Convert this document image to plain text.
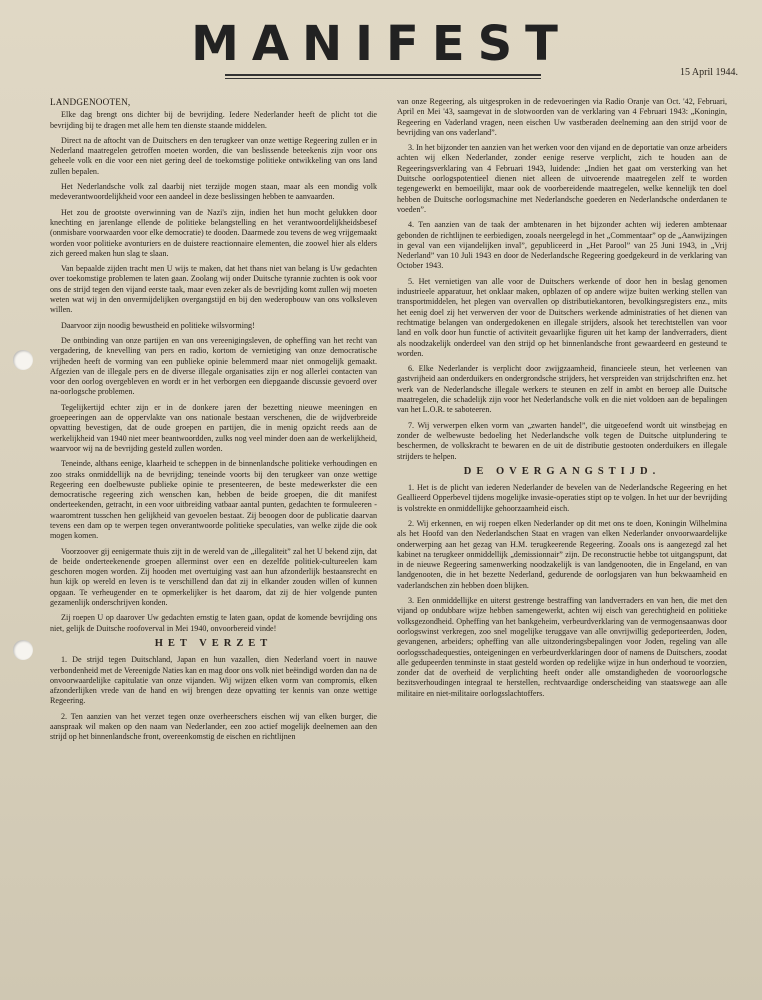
MANIFEST
15 April 1944.
LANDGENOOTEN,

Elke dag brengt ons dichter bij de bevrijding. Iedere Nederlander heeft de plicht tot die bevrijding bij te dragen met alle hem ten dienste staande middelen.

Direct na de aftocht van de Duitschers en den terugkeer van onze wettige Regeering zullen er in Nederland maatregelen getroffen moeten worden, die van beslissende beteekenis zijn voor ons geheele volk en die voor een niet gering deel de toekomstige politieke ontwikkeling van ons land zullen bepalen.

Het Nederlandsche volk zal daarbij niet terzijde mogen staan, maar als een mondig volk medeverantwoordelijkheid voor een aandeel in deze beslissingen hebben te aanvaarden.

Het zou de grootste overwinning van de Nazi's zijn, indien het hun mocht gelukken door knechting en jarenlange ellende de politieke belangstelling en het verantwoordelijkheidsbesef (onmisbare voorwaarden voor elke democratie) te dooden. Daarmede zou tevens de weg vrijgemaakt worden voor politieke avonturiers en de duistere reactionnaire elementen, die zoowel hier als elders zich gereed maken hun slag te slaan.

Van bepaalde zijden tracht men U wijs te maken, dat het thans niet van belang is Uw gedachten over toekomstige problemen te laten gaan. Zoolang wij onder Duitsche tyrannie zuchten is ook voor ons de strijd tegen den vijand eerste taak, maar even zeker als de bevrijding komt zullen wij moeten weten wat wij in den onvermijdelijken overgangstijd en bij den wederopbouw van ons volksleven willen.

Daarvoor zijn noodig bewustheid en politieke wilsvorming!

De ontbinding van onze partijen en van ons vereenigingsleven, de opheffing van het recht van vergadering, de knevelling van pers en radio, kortom de vernietiging van onze democratische vrijheden heeft de vorming van een publieke opinie belemmerd maar niet onmogelijk gemaakt. Afgezien van de illegale pers en de diverse illegale organisaties zijn er nog allerlei contacten van voor den oorlog overgebleven en wordt er in het verborgen een diepgaande discussie gevoerd over na-oorlogsche problemen.

Tegelijkertijd echter zijn er in de donkere jaren der bezetting nieuwe meeningen en groepeeringen aan de oppervlakte van ons nationale bestaan verschenen, die de wijdverbreide opvatting bevestigen, dat de oude groepen en partijen, die in menig opzicht reeds aan de werkelijkheid van 1940 niet meer beantwoordden, zulks nog veel minder doen aan de werkelijkheid, waarvoor wij na de bevrijding gesteld zullen worden.

Teneinde, althans eenige, klaarheid te scheppen in de binnenlandsche politieke verhoudingen en zoo straks onmiddellijk na de bevrijding; teneinde voorts bij den terugkeer van onze wettige Regeering een doelbewuste publieke opinie te presenteeren, de beste medewerkster die een democratische regeering zich wenschen kan, hebben de beide groepen, die dit manifest onderteekenden, getracht, in een voor uitbreiding vatbaar aantal punten, gedachten te formuleeren - waaromtrent tusschen hen gelijkheid van gevoelen bestaat. Zij beoogen door de publicatie daarvan tevens een dam op te werpen tegen onverantwoorde politieke speculaties, van welke zijde die ook mogen komen.

Voorzoover gij eenigermate thuis zijt in de wereld van de „illegaliteit” zal het U bekend zijn, dat de beide onderteekenende groepen allerminst over een en dezelfde politiek-cultureelen kam geschoren mogen worden. Zij hooden met overtuiging vast aan hun afzonderlijk bestaansrecht en hun kijk op wereld en leven is te verschillend dan dat zij in elkander zouden willen of kunnen opgaan. Te verheugender en te opmerkelijker is het daarom, dat zij de hier volgende punten gezamenlijk onderschrijven konden.

Zij roepen U op daarover Uw gedachten ernstig te laten gaan, opdat de komende bevrijding ons niet, gelijk de Duitsche roofoverval in Mei 1940, onvoorbereid vinde!

HET VERZET

1. De strijd tegen Duitschland, Japan en hun vazallen, dien Nederland voert in nauwe verbondenheid met de Vereenigde Naties kan en mag door ons volk niet beëindigd worden dan na de onvoorwaardelijke capitulatie van onze vijanden. Wij wijzen elken vorm van compromis, elken afzonderlijken vrede van de hand en wij brengen deze opvatting ter kennis van onze wettige Regeering.

2. Ten aanzien van het verzet tegen onze overheerschers eischen wij van elken burger, die aanspraak wil maken op den naam van Nederlander, een zoo actief mogelijk deelnemen aan den strijd op het binnenlandsche front, overeenkomstig de eischen en richtlijnen

van onze Regeering, als uitgesproken in de redevoeringen via Radio Oranje van Oct. '42, Februari, April en Mei '43, saamgevat in de slotwoorden van de verklaring van 4 Februari 1943: „Koningin, Regeering en Vaderland vragen, neen eischen Uw vastberaden deelneming aan den strijd voor de bevrijding van ons vaderland”.

3. In het bijzonder ten aanzien van het werken voor den vijand en de deportatie van onze arbeiders achten wij elken Nederlander, zonder eenige reserve verplicht, zich te houden aan de Regeeringsverklaring van 4 Februari 1943, luidende: „Indien het gaat om versterking van het Duitsche oorlogspotentieel dienen niet alleen de uitvoerende maatregelen zelf te worden tegengewerkt en bemoeilijkt, maar ook de voorbereidende maatregelen, welke kennelijk ten doel hebben de Duitsche oorlogsmachine met Nederlandsche goederen en Nederlandsche onderdanen te voeden”.

4. Ten aanzien van de taak der ambtenaren in het bijzonder achten wij iederen ambtenaar gebonden de richtlijnen te eerbiedigen, zooals neergelegd in het „Commentaar” op de „Aanwijzingen in geval van een vijandelijken inval”, gepubliceerd in „Het Parool” van 25 Juni 1943, in „Vrij Nederland” van 10 Juli 1943 en door de Nederlandsche Regeering goedgekeurd in de verklaring van October 1943.

5. Het vernietigen van alle voor de Duitschers werkende of door hen in beslag genomen industrieele apparatuur, het onklaar maken, opblazen of op andere wijze buiten werking stellen van transportmiddelen, het plegen van overvallen op distributiekantoren, bevolkingsregisters enz., mits het eenig doel zij het verwerven der voor de Duitschers werkende administraties of het dienen van rechtmatige belangen van ondergedokenen en illegale strijders, alsook het terechtstellen van voor land en volk door hun functie of activiteit gevaarlijke figuren uit het kamp der landverraders, dient als noodzakelijk onderdeel van den strijd op het binnenlandsche front gewaardeerd en gesteund te worden.

6. Elke Nederlander is verplicht door zwijgzaamheid, financieele steun, het verleenen van gastvrijheid aan onderduikers en ondergrondsche strijders, het verspreiden van strijdschriften enz. het werk van de Nederlandsche illegale werkers te steunen en zelf in ambt en beroep alle Duitsche maatregelen, die schadelijk zijn voor het Nederlandsche volk en die niet voldoen aan de bepalingen van het L.O.R. te saboteeren.

7. Wij verwerpen elken vorm van „zwarten handel”, die uitgeoefend wordt uit winstbejag en zonder de welbewuste bedoeling het Nederlandsche volk tegen de Duitsche uitplundering te beschermen, de volkskracht te bewaren en de uit de distributie gestooten onderduikers en illegale strijders te helpen.

DE OVERGANGSTIJD.

1. Het is de plicht van iederen Nederlander de bevelen van de Nederlandsche Regeering en het Geallieerd Opperbevel tijdens mogelijke invasie-operaties stipt op te volgen. In het uur der bevrijding is volstrekte en onmiddellijke gehoorzaamheid eisch.

2. Wij erkennen, en wij roepen elken Nederlander op dit met ons te doen, Koningin Wilhelmina als het Hoofd van den Nederlandschen Staat en vragen van elken Nederlander onvoorwaardelijke onderwerping aan het gezag van H.M. terugkeerende Regeering. Zooals ons is aangezegd zal het kabinet na terugkeer onmiddellijk „demissionnair” zijn. De reconstructie hebbe tot uitgangspunt, dat in de nieuwe Regeering samenwerking noodzakelijk is van landgenooten, die in Engeland, en van landgenooten, die in het bezette Nederland, gedurende de oorlogsjaren van hun bekwaamheid en vaderlandschen zin hebben doen blijken.

3. Een onmiddellijke en uiterst gestrenge bestraffing van landverraders en van hen, die met den vijand op ondubbare wijze hebben samengewerkt, achten wij eisch van gerechtigheid en politieke volksgezondheid. Opheffing van het bankgeheim, verbeurdverklaring van de vermogensaanwas door oorlogswinst verkregen, zoo snel mogelijke teruggave van alle onvrijwillig gedeporteerden, Joden, gevangenen, arbeiders; opheffing van alle uitzonderingsbepalingen voor Joden, regeling van alle oorlogsschadequesties, onteigeningen en verbeurdverklaringen door of namens de Duitschers, zoodat alle gedupeerden tenminste in staat gesteld worden op redelijke wijze in hun onderhoud te voorzien, zonder dat de overheid de verplichting heeft onder alle omstandigheden de vooroorlogsche bezitsverhoudingen integraal te herstellen, rechtvaardige onderscheiding van staatswege aan alle militaire en niet-militaire oorlogsslachtoffers.
